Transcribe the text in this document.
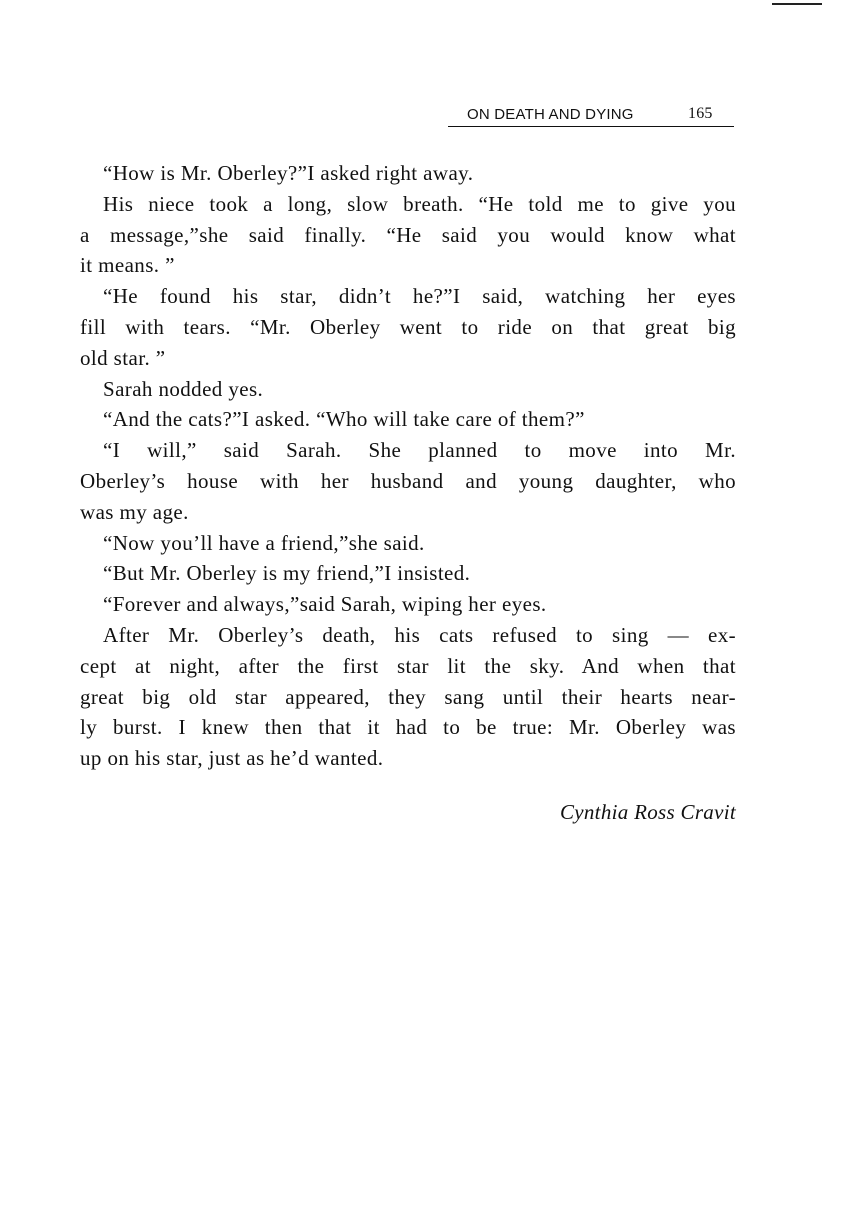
ON DEATH AND DYING	165
“How is Mr. Oberley?”I asked right away.
His niece took a long, slow breath. “He told me to give you
a message,”she said finally. “He said you would know what
it means. ”
“He found his star, didn’t he?”I said, watching her eyes
fill with tears. “Mr. Oberley went to ride on that great big
old star. ”
Sarah nodded yes.
“And the cats?”I asked. “Who will take care of them?”
“I will,” said Sarah. She planned to move into Mr.
Oberley’s house with her husband and young daughter, who
was my age.
“Now you’ll have a friend,”she said.
“But Mr. Oberley is my friend,”I insisted.
“Forever and always,”said Sarah, wiping her eyes.
After Mr. Oberley’s death, his cats refused to sing — ex-
cept at night, after the first star lit the sky. And when that
great big old star appeared, they sang until their hearts near-
ly burst. I knew then that it had to be true: Mr. Oberley was
up on his star, just as he’d wanted.
Cynthia Ross Cravit
